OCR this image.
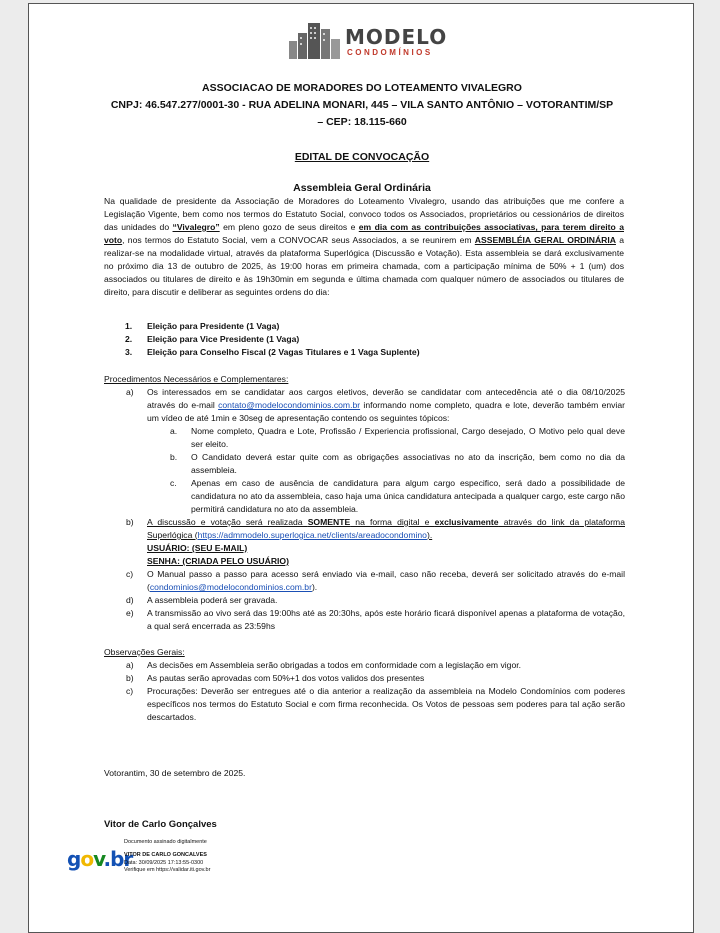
MODELO
CONDOMÍNIOS
ASSOCIACAO DE MORADORES DO LOTEAMENTO VIVALEGRO
CNPJ: 46.547.277/0001-30 - RUA ADELINA MONARI, 445 – VILA SANTO ANTÔNIO – VOTORANTIM/SP
– CEP: 18.115-660
EDITAL DE CONVOCAÇÃO
Assembleia Geral Ordinária
Na qualidade de presidente da Associação de Moradores do Loteamento Vivalegro, usando das atribuições que me confere a Legislação Vigente, bem como nos termos do Estatuto Social, convoco todos os Associados, proprietários ou cessionários de direitos das unidades do “Vivalegro” em pleno gozo de seus direitos e em dia com as contribuições associativas, para terem direito a voto, nos termos do Estatuto Social, vem a CONVOCAR seus Associados, a se reunirem em ASSEMBLÉIA GERAL ORDINÁRIA a realizar-se na modalidade virtual, através da plataforma Superlógica (Discussão e Votação). Esta assembleia se dará exclusivamente no próximo dia 13 de outubro de 2025, às 19:00 horas em primeira chamada, com a participação mínima de 50% + 1 (um) dos associados ou titulares de direito e às 19h30min em segunda e última chamada com qualquer número de associados ou titulares de direito, para discutir e deliberar as seguintes ordens do dia:
1. Eleição para Presidente (1 Vaga)
2. Eleição para Vice Presidente (1 Vaga)
3. Eleição para Conselho Fiscal (2 Vagas Titulares e 1 Vaga Suplente)
Procedimentos Necessários e Complementares:
a) Os interessados em se candidatar aos cargos eletivos, deverão se candidatar com antecedência até o dia 08/10/2025 através do e-mail contato@modelocondominios.com.br informando nome completo, quadra e lote, deverão também enviar um vídeo de até 1min e 30seg de apresentação contendo os seguintes tópicos:
a. Nome completo, Quadra e Lote, Profissão / Experiencia profissional, Cargo desejado, O Motivo pelo qual deve ser eleito.
b. O Candidato deverá estar quite com as obrigações associativas no ato da inscrição, bem como no dia da assembleia.
c. Apenas em caso de ausência de candidatura para algum cargo especifico, será dado a possibilidade de candidatura no ato da assembleia, caso haja uma única candidatura antecipada a qualquer cargo, este cargo não permitirá candidatura no ato da assembleia.
b) A discussão e votação será realizada SOMENTE na forma digital e exclusivamente através do link da plataforma Superlógica (https://admmodelo.superlogica.net/clients/areadocondomino).
USUÁRIO: (SEU E-MAIL)
SENHA: (CRIADA PELO USUÁRIO)
c) O Manual passo a passo para acesso será enviado via e-mail, caso não receba, deverá ser solicitado através do e-mail (condominios@modelocondominios.com.br).
d) A assembleia poderá ser gravada.
e) A transmissão ao vivo será das 19:00hs até as 20:30hs, após este horário ficará disponível apenas a plataforma de votação, a qual será encerrada as 23:59hs
Observações Gerais:
a) As decisões em Assembleia serão obrigadas a todos em conformidade com a legislação em vigor.
b) As pautas serão aprovadas com 50%+1 dos votos validos dos presentes
c) Procurações: Deverão ser entregues até o dia anterior a realização da assembleia na Modelo Condomínios com poderes específicos nos termos do Estatuto Social e com firma reconhecida. Os Votos de pessoas sem poderes para tal ação serão descartados.
Votorantim, 30 de setembro de 2025.
Vitor de Carlo Gonçalves
gov.br
Documento assinado digitalmente
VITOR DE CARLO GONCALVES
Data: 30/09/2025 17:13:55-0300
Verifique em https://validar.iti.gov.br
